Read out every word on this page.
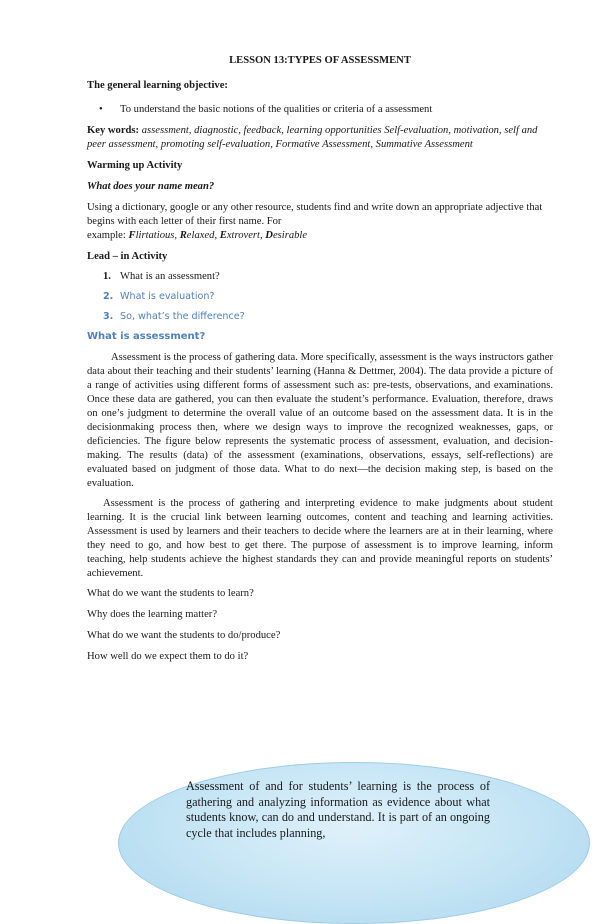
LESSON 13:TYPES OF ASSESSMENT
The general learning objective:
•	To understand the basic notions of the qualities or criteria of a assessment
Key words: assessment, diagnostic, feedback, learning opportunities Self-evaluation, motivation, self and peer assessment, promoting self-evaluation, Formative Assessment, Summative Assessment
Warming up Activity
What does your name mean?
Using a dictionary, google or any other resource, students find and write down an appropriate adjective that begins with each letter of their first name. For
example: Flirtatious, Relaxed, Extrovert, Desirable
Lead – in Activity
1. What is an assessment?
2. What is evaluation?
3. So, what’s the difference?
What is assessment?

Assessment is the process of gathering data. More specifically, assessment is the ways instructors gather data about their teaching and their students’ learning (Hanna & Dettmer, 2004). The data provide a picture of a range of activities using different forms of assessment such as: pre-tests, observations, and examinations. Once these data are gathered, you can then evaluate the student’s performance. Evaluation, therefore, draws on one’s judgment to determine the overall value of an outcome based on the assessment data. It is in the decisionmaking process then, where we design ways to improve the recognized weaknesses, gaps, or deficiencies. The figure below represents the systematic process of assessment, evaluation, and decision-making. The results (data) of the assessment (examinations, observations, essays, self-reflections) are evaluated based on judgment of those data. What to do next—the decision making step, is based on the evaluation.

Assessment is the process of gathering and interpreting evidence to make judgments about student learning. It is the crucial link between learning outcomes, content and teaching and learning activities. Assessment is used by learners and their teachers to decide where the learners are at in their learning, where they need to go, and how best to get there. The purpose of assessment is to improve learning, inform teaching, help students achieve the highest standards they can and provide meaningful reports on students’ achievement.

What do we want the students to learn?
Why does the learning matter?
What do we want the students to do/produce?
How well do we expect them to do it?
Assessment of and for students’ learning is the process of gathering and analyzing information as evidence about what students know, can do and understand. It is part of an ongoing cycle that includes planning,
